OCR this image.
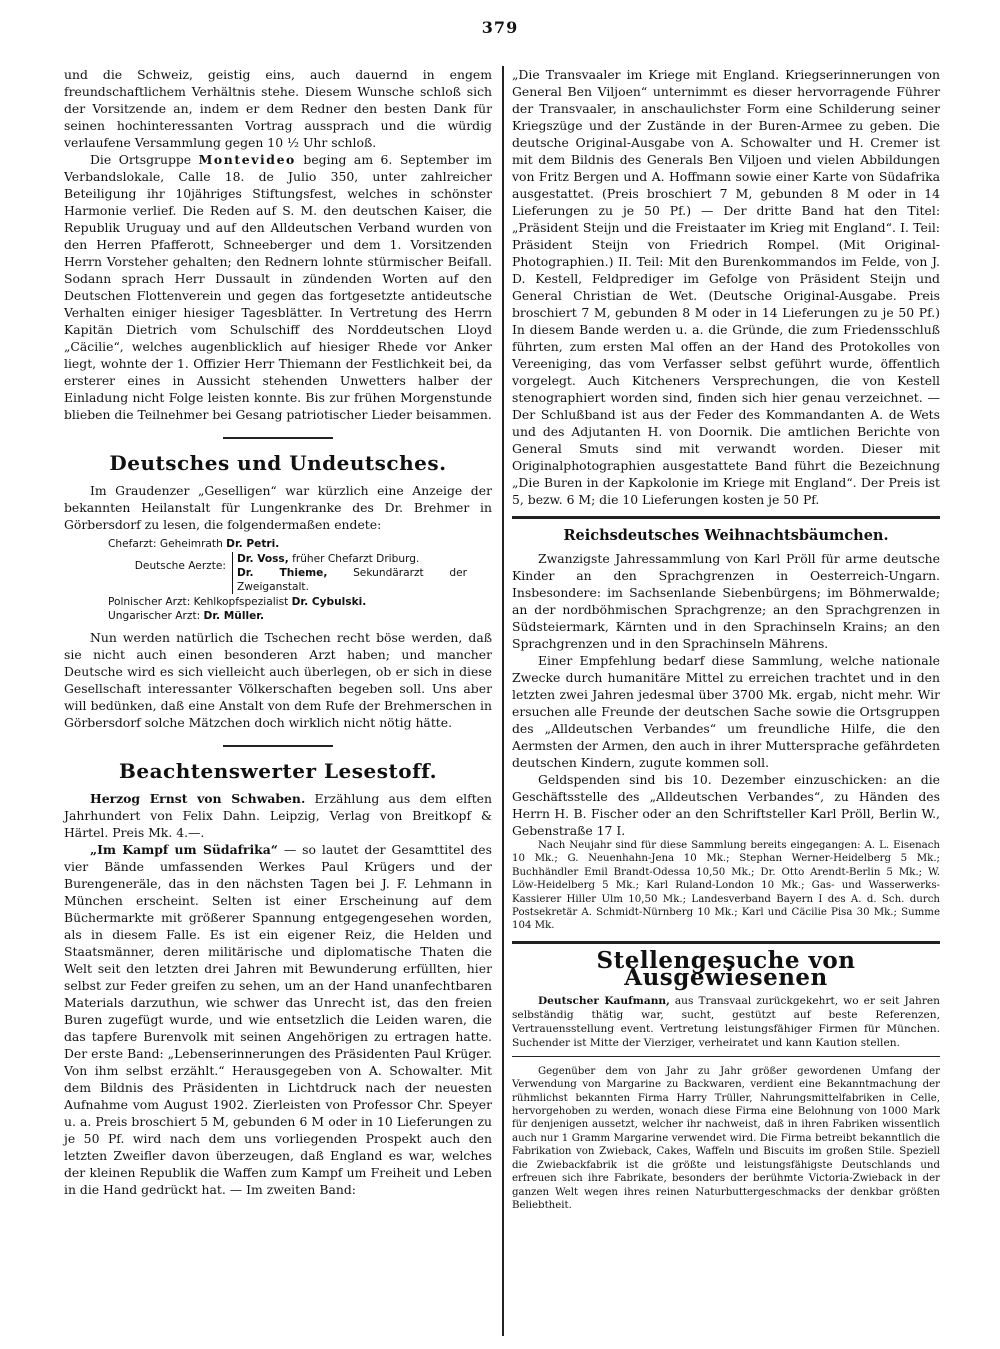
379

und die Schweiz, geistig eins, auch dauernd in engem freundschaftlichem Verhältnis stehe. Diesem Wunsche schloß sich der Vorsitzende an, indem er dem Redner den besten Dank für seinen hochinteressanten Vortrag aussprach und die würdig verlaufene Versammlung gegen 10 ½ Uhr schloß.

Die Ortsgruppe Montevideo beging am 6. September im Verbandslokale, Calle 18. de Julio 350, unter zahlreicher Beteiligung ihr 10jähriges Stiftungsfest, welches in schönster Harmonie verlief. Die Reden auf S. M. den deutschen Kaiser, die Republik Uruguay und auf den Alldeutschen Verband wurden von den Herren Pfafferott, Schneeberger und dem 1. Vorsitzenden Herrn Vorsteher gehalten; den Rednern lohnte stürmischer Beifall. Sodann sprach Herr Dussault in zündenden Worten auf den Deutschen Flottenverein und gegen das fortgesetzte antideutsche Verhalten einiger hiesiger Tagesblätter. In Vertretung des Herrn Kapitän Dietrich vom Schulschiff des Norddeutschen Lloyd „Cäcilie“, welches augenblicklich auf hiesiger Rhede vor Anker liegt, wohnte der 1. Offizier Herr Thiemann der Festlichkeit bei, da ersterer eines in Aussicht stehenden Unwetters halber der Einladung nicht Folge leisten konnte. Bis zur frühen Morgenstunde blieben die Teilnehmer bei Gesang patriotischer Lieder beisammen.

Deutsches und Undeutsches.

Im Graudenzer „Geselligen“ war kürzlich eine Anzeige der bekannten Heilanstalt für Lungenkranke des Dr. Brehmer in Görbersdorf zu lesen, die folgendermaßen endete:

Chefarzt: Geheimrath Dr. Petri.
Deutsche Aerzte:
Dr. Voss, früher Chefarzt Driburg.
Dr. Thieme, Sekundärarzt der Zweiganstalt.
Polnischer Arzt: Kehlkopfspezialist Dr. Cybulski.
Ungarischer Arzt: Dr. Müller.

Nun werden natürlich die Tschechen recht böse werden, daß sie nicht auch einen besonderen Arzt haben; und mancher Deutsche wird es sich vielleicht auch überlegen, ob er sich in diese Gesellschaft interessanter Völkerschaften begeben soll. Uns aber will bedünken, daß eine Anstalt von dem Rufe der Brehmerschen in Görbersdorf solche Mätzchen doch wirklich nicht nötig hätte.

Beachtenswerter Lesestoff.

Herzog Ernst von Schwaben. Erzählung aus dem elften Jahrhundert von Felix Dahn. Leipzig, Verlag von Breitkopf & Härtel. Preis Mk. 4.—.

„Im Kampf um Südafrika“ — so lautet der Gesamttitel des vier Bände umfassenden Werkes Paul Krügers und der Burengeneräle, das in den nächsten Tagen bei J. F. Lehmann in München erscheint. Selten ist einer Erscheinung auf dem Büchermarkte mit größerer Spannung entgegengesehen worden, als in diesem Falle. Es ist ein eigener Reiz, die Helden und Staatsmänner, deren militärische und diplomatische Thaten die Welt seit den letzten drei Jahren mit Bewunderung erfüllten, hier selbst zur Feder greifen zu sehen, um an der Hand unanfechtbaren Materials darzuthun, wie schwer das Unrecht ist, das den freien Buren zugefügt wurde, und wie entsetzlich die Leiden waren, die das tapfere Burenvolk mit seinen Angehörigen zu ertragen hatte. Der erste Band: „Lebenserinnerungen des Präsidenten Paul Krüger. Von ihm selbst erzählt.“ Herausgegeben von A. Schowalter. Mit dem Bildnis des Präsidenten in Lichtdruck nach der neuesten Aufnahme vom August 1902. Zierleisten von Professor Chr. Speyer u. a. Preis broschiert 5 M, gebunden 6 M oder in 10 Lieferungen zu je 50 Pf. wird nach dem uns vorliegenden Prospekt auch den letzten Zweifler davon überzeugen, daß England es war, welches der kleinen Republik die Waffen zum Kampf um Freiheit und Leben in die Hand gedrückt hat. — Im zweiten Band:

„Die Transvaaler im Kriege mit England. Kriegserinnerungen von General Ben Viljoen“ unternimmt es dieser hervorragende Führer der Transvaaler, in anschaulichster Form eine Schilderung seiner Kriegszüge und der Zustände in der Buren-Armee zu geben. Die deutsche Original-Ausgabe von A. Schowalter und H. Cremer ist mit dem Bildnis des Generals Ben Viljoen und vielen Abbildungen von Fritz Bergen und A. Hoffmann sowie einer Karte von Südafrika ausgestattet. (Preis broschiert 7 M, gebunden 8 M oder in 14 Lieferungen zu je 50 Pf.) — Der dritte Band hat den Titel: „Präsident Steijn und die Freistaater im Krieg mit England“. I. Teil: Präsident Steijn von Friedrich Rompel. (Mit Original-Photographien.) II. Teil: Mit den Burenkommandos im Felde, von J. D. Kestell, Feldprediger im Gefolge von Präsident Steijn und General Christian de Wet. (Deutsche Original-Ausgabe. Preis broschiert 7 M, gebunden 8 M oder in 14 Lieferungen zu je 50 Pf.) In diesem Bande werden u. a. die Gründe, die zum Friedensschluß führten, zum ersten Mal offen an der Hand des Protokolles von Vereeniging, das vom Verfasser selbst geführt wurde, öffentlich vorgelegt. Auch Kitcheners Versprechungen, die von Kestell stenographiert worden sind, finden sich hier genau verzeichnet. — Der Schlußband ist aus der Feder des Kommandanten A. de Wets und des Adjutanten H. von Doornik. Die amtlichen Berichte von General Smuts sind mit verwandt worden. Dieser mit Originalphotographien ausgestattete Band führt die Bezeichnung „Die Buren in der Kapkolonie im Kriege mit England“. Der Preis ist 5, bezw. 6 M; die 10 Lieferungen kosten je 50 Pf.

Reichsdeutsches Weihnachtsbäumchen.

Zwanzigste Jahressammlung von Karl Pröll für arme deutsche Kinder an den Sprachgrenzen in Oesterreich-Ungarn. Insbesondere: im Sachsenlande Siebenbürgens; im Böhmerwalde; an der nordböhmischen Sprachgrenze; an den Sprachgrenzen in Südsteiermark, Kärnten und in den Sprachinseln Krains; an den Sprachgrenzen und in den Sprachinseln Mährens.

Einer Empfehlung bedarf diese Sammlung, welche nationale Zwecke durch humanitäre Mittel zu erreichen trachtet und in den letzten zwei Jahren jedesmal über 3700 Mk. ergab, nicht mehr. Wir ersuchen alle Freunde der deutschen Sache sowie die Ortsgruppen des „Alldeutschen Verbandes“ um freundliche Hilfe, die den Aermsten der Armen, den auch in ihrer Muttersprache gefährdeten deutschen Kindern, zugute kommen soll.

Geldspenden sind bis 10. Dezember einzuschicken: an die Geschäftsstelle des „Alldeutschen Verbandes“, zu Händen des Herrn H. B. Fischer oder an den Schriftsteller Karl Pröll, Berlin W., Gebenstraße 17 I.

Nach Neujahr sind für diese Sammlung bereits eingegangen: A. L. Eisenach 10 Mk.; G. Neuenhahn-Jena 10 Mk.; Stephan Werner-Heidelberg 5 Mk.; Buchhändler Emil Brandt-Odessa 10,50 Mk.; Dr. Otto Arendt-Berlin 5 Mk.; W. Löw-Heidelberg 5 Mk.; Karl Ruland-London 10 Mk.; Gas- und Wasserwerks-Kassierer Hiller Ulm 10,50 Mk.; Landesverband Bayern I des A. d. Sch. durch Postsekretär A. Schmidt-Nürnberg 10 Mk.; Karl und Cäcilie Pisa 30 Mk.; Summe 104 Mk.

Stellengesuche von Ausgewiesenen

Deutscher Kaufmann, aus Transvaal zurückgekehrt, wo er seit Jahren selbständig thätig war, sucht, gestützt auf beste Referenzen, Vertrauensstellung event. Vertretung leistungsfähiger Firmen für München. Suchender ist Mitte der Vierziger, verheiratet und kann Kaution stellen.

Gegenüber dem von Jahr zu Jahr größer gewordenen Umfang der Verwendung von Margarine zu Backwaren, verdient eine Bekanntmachung der rühmlichst bekannten Firma Harry Trüller, Nahrungsmittelfabriken in Celle, hervorgehoben zu werden, wonach diese Firma eine Belohnung von 1000 Mark für denjenigen aussetzt, welcher ihr nachweist, daß in ihren Fabriken wissentlich auch nur 1 Gramm Margarine verwendet wird. Die Firma betreibt bekanntlich die Fabrikation von Zwieback, Cakes, Waffeln und Biscuits im großen Stile. Speziell die Zwiebackfabrik ist die größte und leistungsfähigste Deutschlands und erfreuen sich ihre Fabrikate, besonders der berühmte Victoria-Zwieback in der ganzen Welt wegen ihres reinen Naturbuttergeschmacks der denkbar größten Beliebtheit.
